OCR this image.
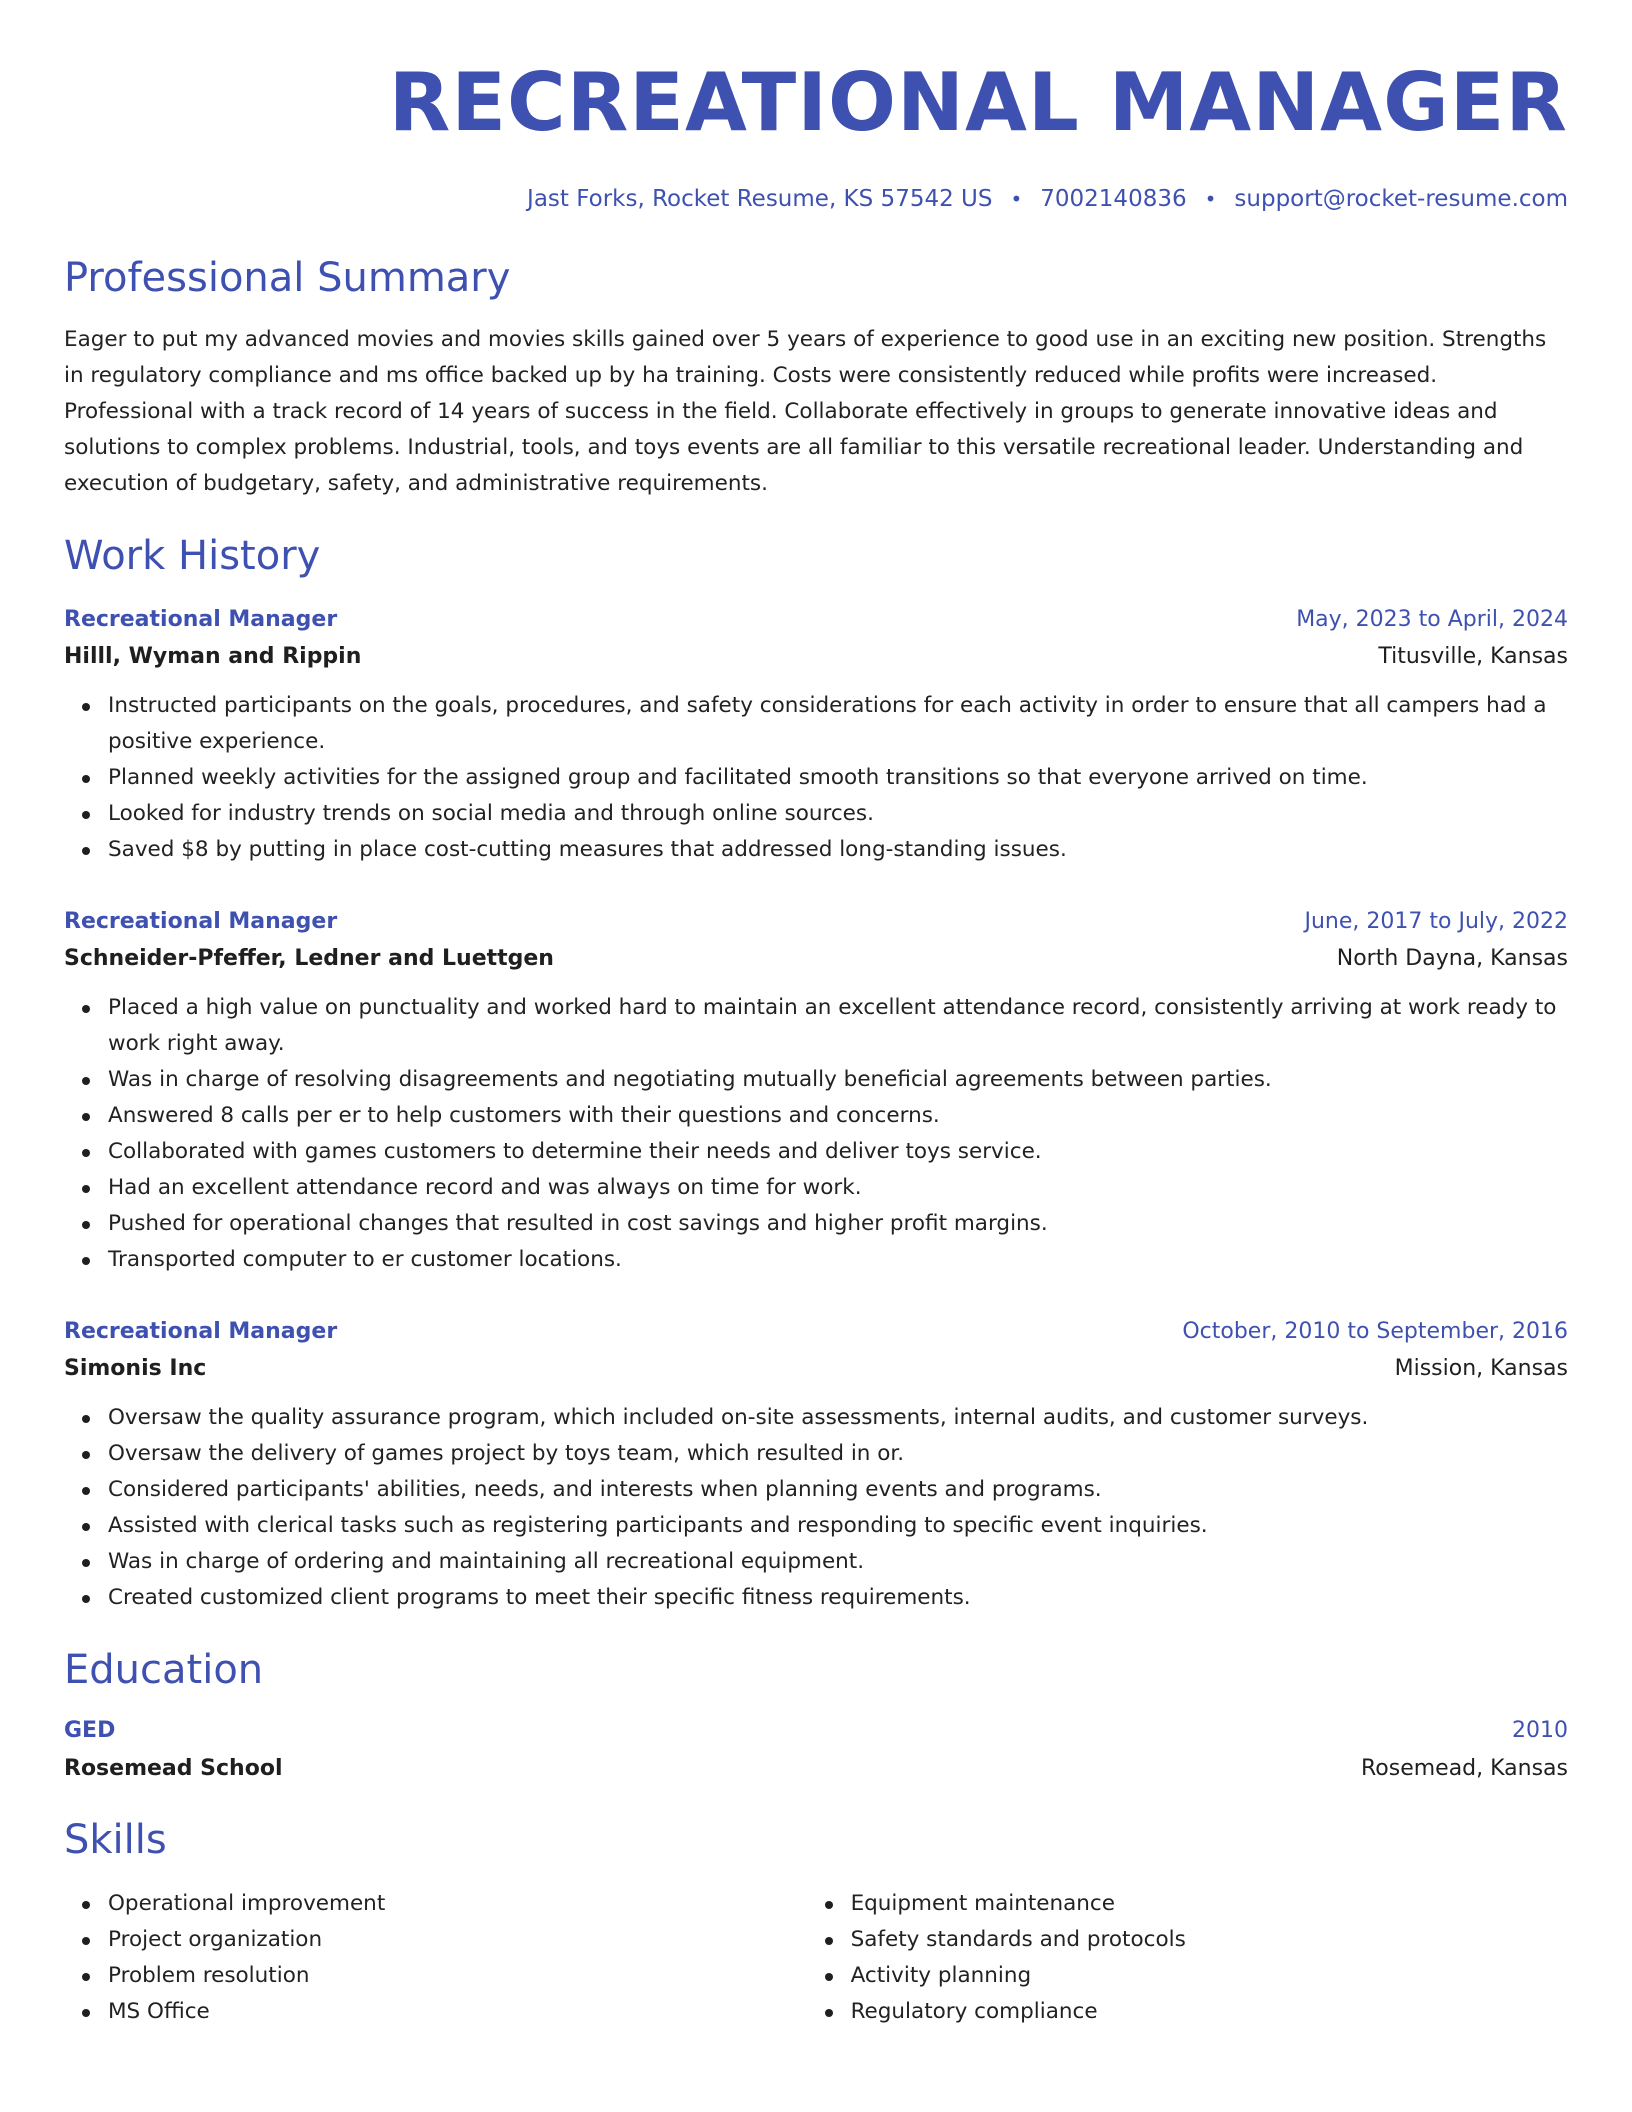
RECREATIONAL MANAGER
Jast Forks, Rocket Resume, KS 57542 US • 7002140836 • support@rocket-resume.com
Professional Summary
Eager to put my advanced movies and movies skills gained over 5 years of experience to good use in an exciting new position. Strengths in regulatory compliance and ms office backed up by ha training. Costs were consistently reduced while profits were increased. Professional with a track record of 14 years of success in the field. Collaborate effectively in groups to generate innovative ideas and solutions to complex problems. Industrial, tools, and toys events are all familiar to this versatile recreational leader. Understanding and execution of budgetary, safety, and administrative requirements.
Work History
Recreational Manager	May, 2023 to April, 2024
Hilll, Wyman and Rippin	Titusville, Kansas
Instructed participants on the goals, procedures, and safety considerations for each activity in order to ensure that all campers had a positive experience.
Planned weekly activities for the assigned group and facilitated smooth transitions so that everyone arrived on time.
Looked for industry trends on social media and through online sources.
Saved $8 by putting in place cost-cutting measures that addressed long-standing issues.
Recreational Manager	June, 2017 to July, 2022
Schneider-Pfeffer, Ledner and Luettgen	North Dayna, Kansas
Placed a high value on punctuality and worked hard to maintain an excellent attendance record, consistently arriving at work ready to work right away.
Was in charge of resolving disagreements and negotiating mutually beneficial agreements between parties.
Answered 8 calls per er to help customers with their questions and concerns.
Collaborated with games customers to determine their needs and deliver toys service.
Had an excellent attendance record and was always on time for work.
Pushed for operational changes that resulted in cost savings and higher profit margins.
Transported computer to er customer locations.
Recreational Manager	October, 2010 to September, 2016
Simonis Inc	Mission, Kansas
Oversaw the quality assurance program, which included on-site assessments, internal audits, and customer surveys.
Oversaw the delivery of games project by toys team, which resulted in or.
Considered participants' abilities, needs, and interests when planning events and programs.
Assisted with clerical tasks such as registering participants and responding to specific event inquiries.
Was in charge of ordering and maintaining all recreational equipment.
Created customized client programs to meet their specific fitness requirements.
Education
GED	2010
Rosemead School	Rosemead, Kansas
Skills
Operational improvement
Project organization
Problem resolution
MS Office
Equipment maintenance
Safety standards and protocols
Activity planning
Regulatory compliance
